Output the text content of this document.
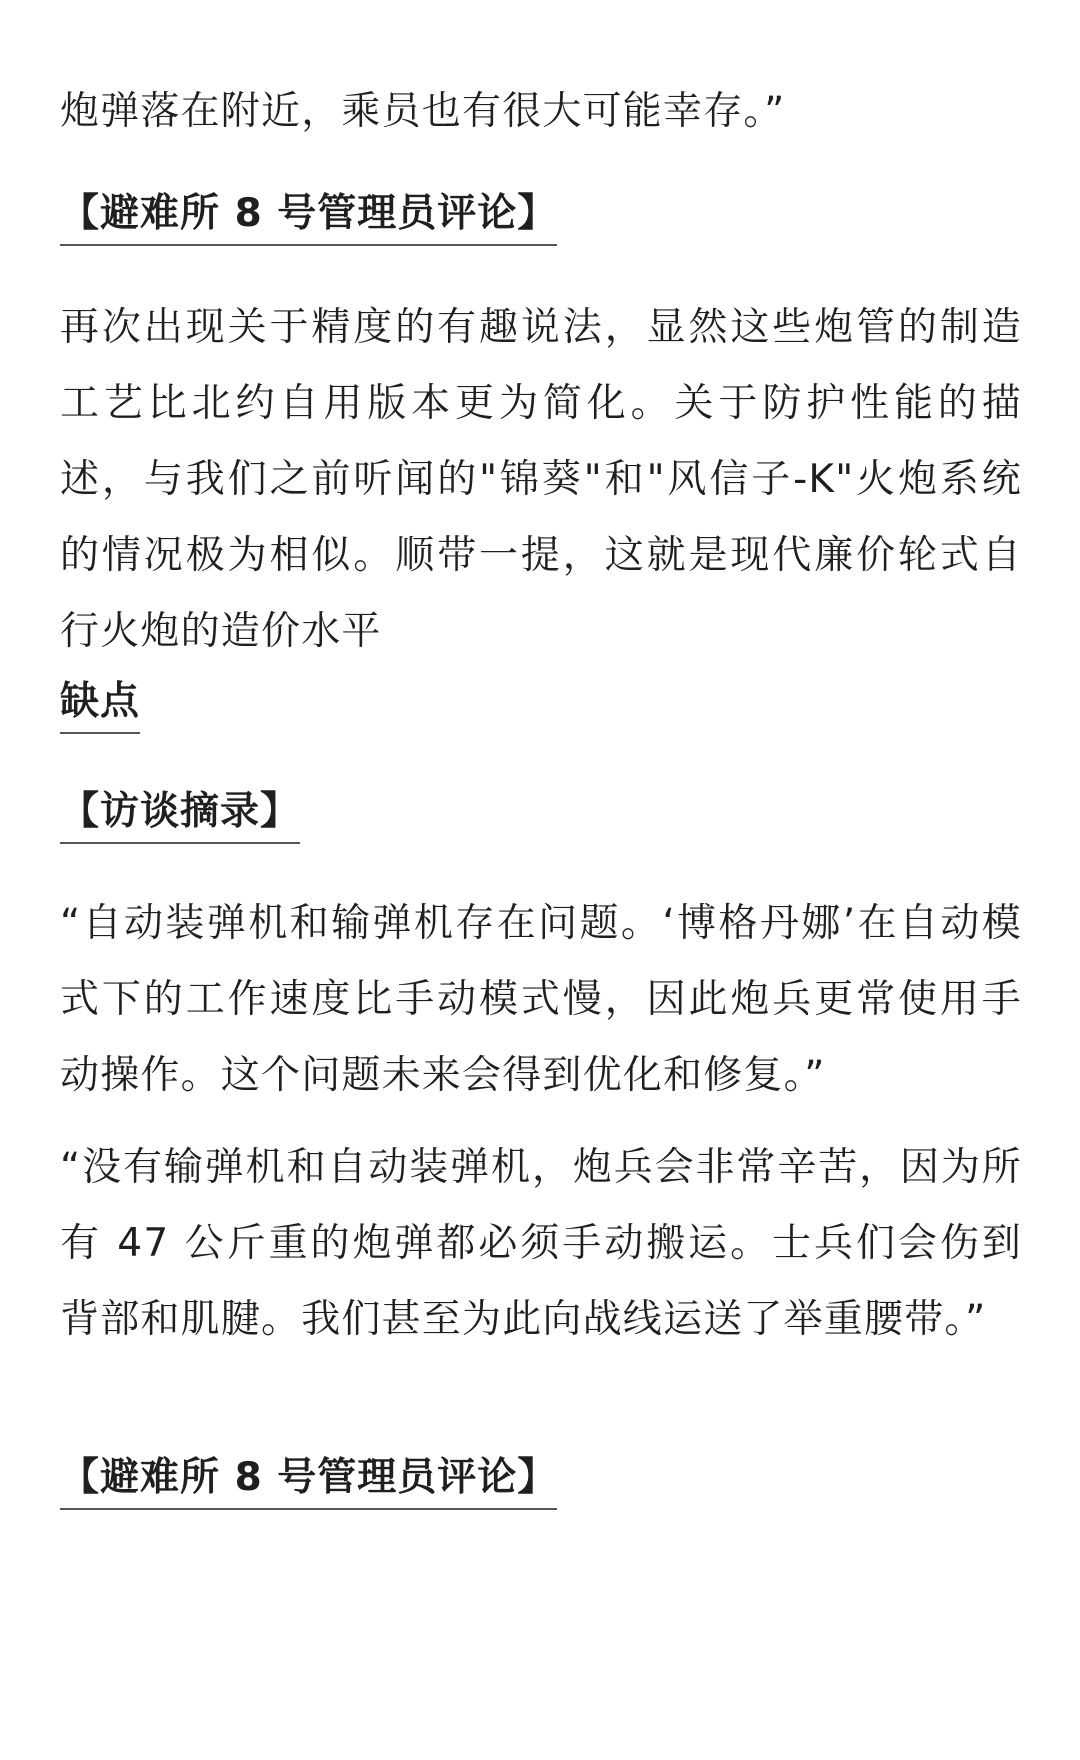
炮弹落在附近，乘员也有很大可能幸存。”

【避难所 8 号管理员评论】

再次出现关于精度的有趣说法，显然这些炮管的制造工艺比北约自用版本更为简化。关于防护性能的描述，与我们之前听闻的"锦葵"和"风信子-K"火炮系统的情况极为相似。顺带一提，这就是现代廉价轮式自行火炮的造价水平

缺点
【访谈摘录】

“自动装弹机和输弹机存在问题。‘博格丹娜’在自动模式下的工作速度比手动模式慢，因此炮兵更常使用手动操作。这个问题未来会得到优化和修复。”

“没有输弹机和自动装弹机，炮兵会非常辛苦，因为所有 47 公斤重的炮弹都必须手动搬运。士兵们会伤到背部和肌腱。我们甚至为此向战线运送了举重腰带。”

【避难所 8 号管理员评论】
